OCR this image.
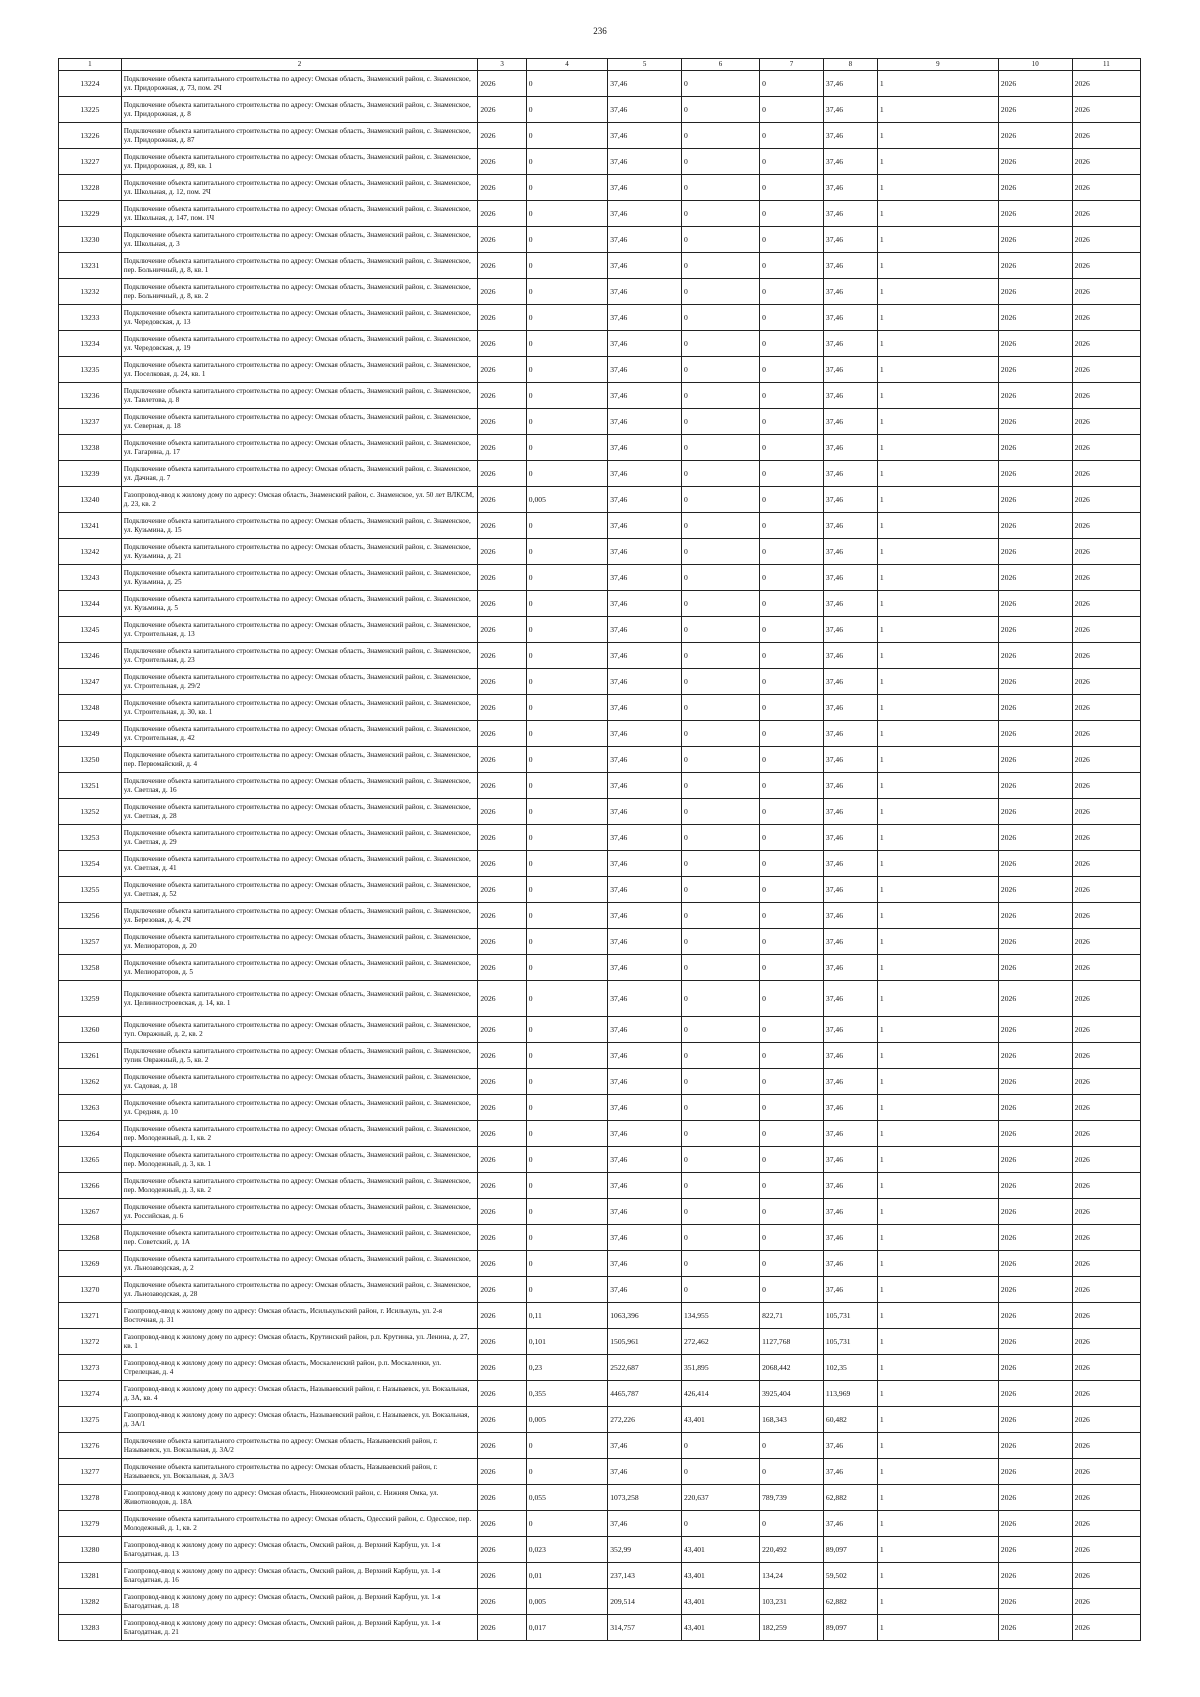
236
1	2	3	4	5	6	7	8	9	10	11
13224	Подключение объекта капитального строительства по адресу: Омская область, Знаменский район, с. Знаменское, ул. Придорожная, д. 73, пом. 2Ч	2026	0	37,46	0	0	37,46	1	2026	2026
13225	Подключение объекта капитального строительства по адресу: Омская область, Знаменский район, с. Знаменское, ул. Придорожная, д. 8	2026	0	37,46	0	0	37,46	1	2026	2026
13226	Подключение объекта капитального строительства по адресу: Омская область, Знаменский район, с. Знаменское, ул. Придорожная, д. 87	2026	0	37,46	0	0	37,46	1	2026	2026
13227	Подключение объекта капитального строительства по адресу: Омская область, Знаменский район, с. Знаменское, ул. Придорожная, д. 89, кв. 1	2026	0	37,46	0	0	37,46	1	2026	2026
13228	Подключение объекта капитального строительства по адресу: Омская область, Знаменский район, с. Знаменское, ул. Школьная, д. 12, пом. 2Ч	2026	0	37,46	0	0	37,46	1	2026	2026
13229	Подключение объекта капитального строительства по адресу: Омская область, Знаменский район, с. Знаменское, ул. Школьная, д. 147, пом. 1Ч	2026	0	37,46	0	0	37,46	1	2026	2026
13230	Подключение объекта капитального строительства по адресу: Омская область, Знаменский район, с. Знаменское, ул. Школьная, д. 3	2026	0	37,46	0	0	37,46	1	2026	2026
13231	Подключение объекта капитального строительства по адресу: Омская область, Знаменский район, с. Знаменское, пер. Больничный, д. 8, кв. 1	2026	0	37,46	0	0	37,46	1	2026	2026
13232	Подключение объекта капитального строительства по адресу: Омская область, Знаменский район, с. Знаменское, пер. Больничный, д. 8, кв. 2	2026	0	37,46	0	0	37,46	1	2026	2026
13233	Подключение объекта капитального строительства по адресу: Омская область, Знаменский район, с. Знаменское, ул. Чередовская, д. 13	2026	0	37,46	0	0	37,46	1	2026	2026
13234	Подключение объекта капитального строительства по адресу: Омская область, Знаменский район, с. Знаменское, ул. Чередовская, д. 19	2026	0	37,46	0	0	37,46	1	2026	2026
13235	Подключение объекта капитального строительства по адресу: Омская область, Знаменский район, с. Знаменское, ул. Поселковая, д. 24, кв. 1	2026	0	37,46	0	0	37,46	1	2026	2026
13236	Подключение объекта капитального строительства по адресу: Омская область, Знаменский район, с. Знаменское, ул. Тавлетова, д. 8	2026	0	37,46	0	0	37,46	1	2026	2026
13237	Подключение объекта капитального строительства по адресу: Омская область, Знаменский район, с. Знаменское, ул. Северная, д. 18	2026	0	37,46	0	0	37,46	1	2026	2026
13238	Подключение объекта капитального строительства по адресу: Омская область, Знаменский район, с. Знаменское, ул. Гагарина, д. 17	2026	0	37,46	0	0	37,46	1	2026	2026
13239	Подключение объекта капитального строительства по адресу: Омская область, Знаменский район, с. Знаменское, ул. Дачная, д. 7	2026	0	37,46	0	0	37,46	1	2026	2026
13240	Газопровод-ввод к жилому дому по адресу: Омская область, Знаменский район, с. Знаменское, ул. 50 лет ВЛКСМ, д. 23, кв. 2	2026	0,005	37,46	0	0	37,46	1	2026	2026
13241	Подключение объекта капитального строительства по адресу: Омская область, Знаменский район, с. Знаменское, ул. Кузьмина, д. 15	2026	0	37,46	0	0	37,46	1	2026	2026
13242	Подключение объекта капитального строительства по адресу: Омская область, Знаменский район, с. Знаменское, ул. Кузьмина, д. 21	2026	0	37,46	0	0	37,46	1	2026	2026
13243	Подключение объекта капитального строительства по адресу: Омская область, Знаменский район, с. Знаменское, ул. Кузьмина, д. 25	2026	0	37,46	0	0	37,46	1	2026	2026
13244	Подключение объекта капитального строительства по адресу: Омская область, Знаменский район, с. Знаменское, ул. Кузьмина, д. 5	2026	0	37,46	0	0	37,46	1	2026	2026
13245	Подключение объекта капитального строительства по адресу: Омская область, Знаменский район, с. Знаменское, ул. Строительная, д. 13	2026	0	37,46	0	0	37,46	1	2026	2026
13246	Подключение объекта капитального строительства по адресу: Омская область, Знаменский район, с. Знаменское, ул. Строительная, д. 23	2026	0	37,46	0	0	37,46	1	2026	2026
13247	Подключение объекта капитального строительства по адресу: Омская область, Знаменский район, с. Знаменское, ул. Строительная, д. 29/2	2026	0	37,46	0	0	37,46	1	2026	2026
13248	Подключение объекта капитального строительства по адресу: Омская область, Знаменский район, с. Знаменское, ул. Строительная, д. 30, кв. 1	2026	0	37,46	0	0	37,46	1	2026	2026
13249	Подключение объекта капитального строительства по адресу: Омская область, Знаменский район, с. Знаменское, ул. Строительная, д. 42	2026	0	37,46	0	0	37,46	1	2026	2026
13250	Подключение объекта капитального строительства по адресу: Омская область, Знаменский район, с. Знаменское, пер. Первомайский, д. 4	2026	0	37,46	0	0	37,46	1	2026	2026
13251	Подключение объекта капитального строительства по адресу: Омская область, Знаменский район, с. Знаменское, ул. Светлая, д. 16	2026	0	37,46	0	0	37,46	1	2026	2026
13252	Подключение объекта капитального строительства по адресу: Омская область, Знаменский район, с. Знаменское, ул. Светлая, д. 28	2026	0	37,46	0	0	37,46	1	2026	2026
13253	Подключение объекта капитального строительства по адресу: Омская область, Знаменский район, с. Знаменское, ул. Светлая, д. 29	2026	0	37,46	0	0	37,46	1	2026	2026
13254	Подключение объекта капитального строительства по адресу: Омская область, Знаменский район, с. Знаменское, ул. Светлая, д. 41	2026	0	37,46	0	0	37,46	1	2026	2026
13255	Подключение объекта капитального строительства по адресу: Омская область, Знаменский район, с. Знаменское, ул. Светлая, д. 52	2026	0	37,46	0	0	37,46	1	2026	2026
13256	Подключение объекта капитального строительства по адресу: Омская область, Знаменский район, с. Знаменское, ул. Березовая, д. 4, 2Ч	2026	0	37,46	0	0	37,46	1	2026	2026
13257	Подключение объекта капитального строительства по адресу: Омская область, Знаменский район, с. Знаменское, ул. Мелиораторов, д. 20	2026	0	37,46	0	0	37,46	1	2026	2026
13258	Подключение объекта капитального строительства по адресу: Омская область, Знаменский район, с. Знаменское, ул. Мелиораторов, д. 5	2026	0	37,46	0	0	37,46	1	2026	2026
13259	Подключение объекта капитального строительства по адресу: Омская область, Знаменский район, с. Знаменское, ул. Целинностроевская, д. 14, кв. 1	2026	0	37,46	0	0	37,46	1	2026	2026
13260	Подключение объекта капитального строительства по адресу: Омская область, Знаменский район, с. Знаменское, туп. Овражный, д. 2, кв. 2	2026	0	37,46	0	0	37,46	1	2026	2026
13261	Подключение объекта капитального строительства по адресу: Омская область, Знаменский район, с. Знаменское, тупик Овражный, д. 5, кв. 2	2026	0	37,46	0	0	37,46	1	2026	2026
13262	Подключение объекта капитального строительства по адресу: Омская область, Знаменский район, с. Знаменское, ул. Садовая, д. 18	2026	0	37,46	0	0	37,46	1	2026	2026
13263	Подключение объекта капитального строительства по адресу: Омская область, Знаменский район, с. Знаменское, ул. Средняя, д. 10	2026	0	37,46	0	0	37,46	1	2026	2026
13264	Подключение объекта капитального строительства по адресу: Омская область, Знаменский район, с. Знаменское, пер. Молодежный, д. 1, кв. 2	2026	0	37,46	0	0	37,46	1	2026	2026
13265	Подключение объекта капитального строительства по адресу: Омская область, Знаменский район, с. Знаменское, пер. Молодежный, д. 3, кв. 1	2026	0	37,46	0	0	37,46	1	2026	2026
13266	Подключение объекта капитального строительства по адресу: Омская область, Знаменский район, с. Знаменское, пер. Молодежный, д. 3, кв. 2	2026	0	37,46	0	0	37,46	1	2026	2026
13267	Подключение объекта капитального строительства по адресу: Омская область, Знаменский район, с. Знаменское, ул. Российская, д. 6	2026	0	37,46	0	0	37,46	1	2026	2026
13268	Подключение объекта капитального строительства по адресу: Омская область, Знаменский район, с. Знаменское, пер. Советский, д. 1А	2026	0	37,46	0	0	37,46	1	2026	2026
13269	Подключение объекта капитального строительства по адресу: Омская область, Знаменский район, с. Знаменское, ул. Льнозаводская, д. 2	2026	0	37,46	0	0	37,46	1	2026	2026
13270	Подключение объекта капитального строительства по адресу: Омская область, Знаменский район, с. Знаменское, ул. Льнозаводская, д. 28	2026	0	37,46	0	0	37,46	1	2026	2026
13271	Газопровод-ввод к жилому дому по адресу: Омская область, Исилькульский район, г. Исилькуль, ул. 2-я Восточная, д. 31	2026	0,11	1063,396	134,955	822,71	105,731	1	2026	2026
13272	Газопровод-ввод к жилому дому по адресу: Омская область, Крутинский район, р.п. Крутинка, ул. Ленина, д. 27, кв. 1	2026	0,101	1505,961	272,462	1127,768	105,731	1	2026	2026
13273	Газопровод-ввод к жилому дому по адресу: Омская область, Москаленский район, р.п. Москаленки, ул. Стрелецкая, д. 4	2026	0,23	2522,687	351,895	2068,442	102,35	1	2026	2026
13274	Газопровод-ввод к жилому дому по адресу: Омская область, Называевский район, г. Называевск, ул. Вокзальная, д. 3А, кв. 4	2026	0,355	4465,787	426,414	3925,404	113,969	1	2026	2026
13275	Газопровод-ввод к жилому дому по адресу: Омская область, Называевский район, г. Называевск, ул. Вокзальная, д. 3А/1	2026	0,005	272,226	43,401	168,343	60,482	1	2026	2026
13276	Подключение объекта капитального строительства по адресу: Омская область, Называевский район, г. Называевск, ул. Вокзальная, д. 3А/2	2026	0	37,46	0	0	37,46	1	2026	2026
13277	Подключение объекта капитального строительства по адресу: Омская область, Называевский район, г. Называевск, ул. Вокзальная, д. 3А/3	2026	0	37,46	0	0	37,46	1	2026	2026
13278	Газопровод-ввод к жилому дому по адресу: Омская область, Нижнеомский район, с. Нижняя Омка, ул. Животноводов, д. 18А	2026	0,055	1073,258	220,637	789,739	62,882	1	2026	2026
13279	Подключение объекта капитального строительства по адресу: Омская область, Одесский район, с. Одесское, пер. Молодежный, д. 1, кв. 2	2026	0	37,46	0	0	37,46	1	2026	2026
13280	Газопровод-ввод к жилому дому по адресу: Омская область, Омский район, д. Верхний Карбуш, ул. 1-я Благодатная, д. 13	2026	0,023	352,99	43,401	220,492	89,097	1	2026	2026
13281	Газопровод-ввод к жилому дому по адресу: Омская область, Омский район, д. Верхний Карбуш, ул. 1-я Благодатная, д. 16	2026	0,01	237,143	43,401	134,24	59,502	1	2026	2026
13282	Газопровод-ввод к жилому дому по адресу: Омская область, Омский район, д. Верхний Карбуш, ул. 1-я Благодатная, д. 18	2026	0,005	209,514	43,401	103,231	62,882	1	2026	2026
13283	Газопровод-ввод к жилому дому по адресу: Омская область, Омский район, д. Верхний Карбуш, ул. 1-я Благодатная, д. 21	2026	0,017	314,757	43,401	182,259	89,097	1	2026	2026
